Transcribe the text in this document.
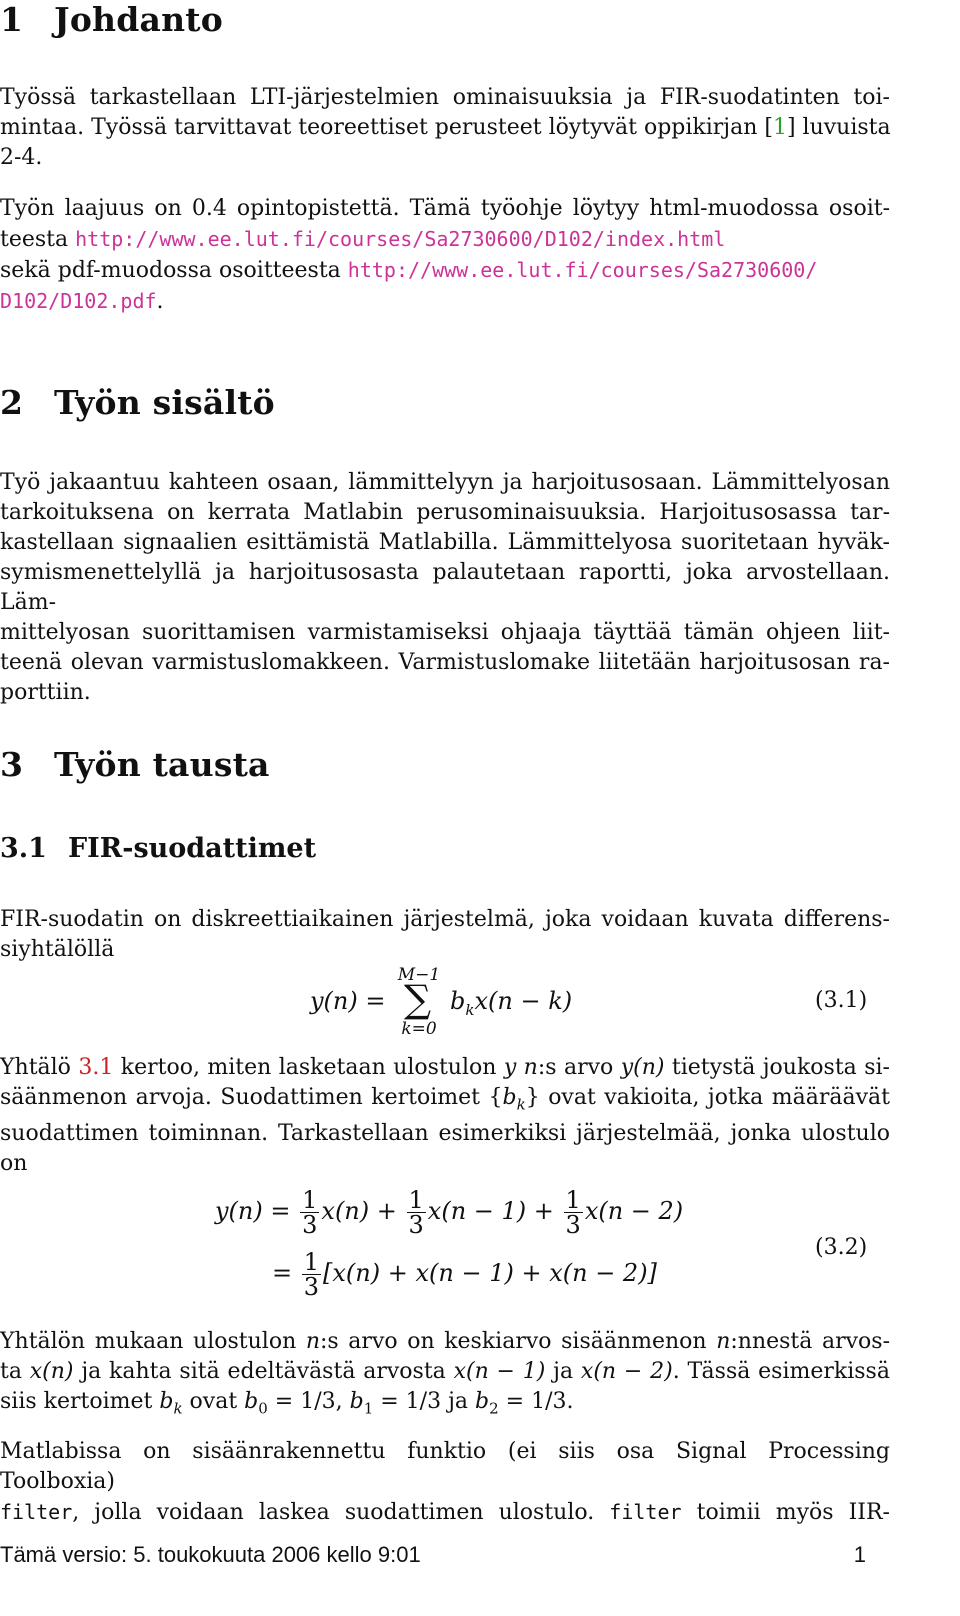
1 Johdanto
Työssä tarkastellaan LTI-järjestelmien ominaisuuksia ja FIR-suodatinten toi-
mintaa. Työssä tarvittavat teoreettiset perusteet löytyvät oppikirjan [1] luvuista
2-4.
Työn laajuus on 0.4 opintopistettä. Tämä työohje löytyy html-muodossa osoit-
teesta http://www.ee.lut.fi/courses/Sa2730600/D102/index.html
sekä pdf-muodossa osoitteesta http://www.ee.lut.fi/courses/Sa2730600/
D102/D102.pdf.
2 Työn sisältö
Työ jakaantuu kahteen osaan, lämmittelyyn ja harjoitusosaan. Lämmittelyosan
tarkoituksena on kerrata Matlabin perusominaisuuksia. Harjoitusosassa tar-
kastellaan signaalien esittämistä Matlabilla. Lämmittelyosa suoritetaan hyväk-
symismenettelyllä ja harjoitusosasta palautetaan raportti, joka arvostellaan. Läm-
mittelyosan suorittamisen varmistamiseksi ohjaaja täyttää tämän ohjeen liit-
teenä olevan varmistuslomakkeen. Varmistuslomake liitetään harjoitusosan ra-
porttiin.
3 Työn tausta
3.1 FIR-suodattimet
FIR-suodatin on diskreettiaikainen järjestelmä, joka voidaan kuvata differens-
siyhtälöllä
y(n) =
M−1
∑
k=0
$b_kx(n - k)$	(3.1)
Yhtälö 3.1 kertoo, miten lasketaan ulostulon y n:s arvo y(n) tietystä joukosta si-
säänmenon arvoja. Suodattimen kertoimet $\{b_k\}$ ovat vakioita, jotka määräävät
suodattimen toiminnan. Tarkastellaan esimerkiksi järjestelmää, jonka ulostulo
on
$y(n) = \frac{1}{3} x(n) + \frac{1}{3} x(n - 1) + \frac{1}{3} x(n - 2)$
= $\frac{1}{3} [x(n) + x(n - 1) + x(n - 2)]$
(3.2)
Yhtälön mukaan ulostulon n:s arvo on keskiarvo sisäänmenon n:nnestä arvos-
ta x(n) ja kahta sitä edeltävästä arvosta x(n − 1) ja x(n − 2). Tässä esimerkissä
siis kertoimet $b_k$ ovat $b_0 = 1/3$, $b_1 = 1/3$ ja $b_2 = 1/3$.
Matlabissa on sisäänrakennettu funktio (ei siis osa Signal Processing Toolboxia)
filter, jolla voidaan laskea suodattimen ulostulo. filter toimii myös IIR-
Tämä versio: 5. toukokuuta 2006 kello 9:01	1
